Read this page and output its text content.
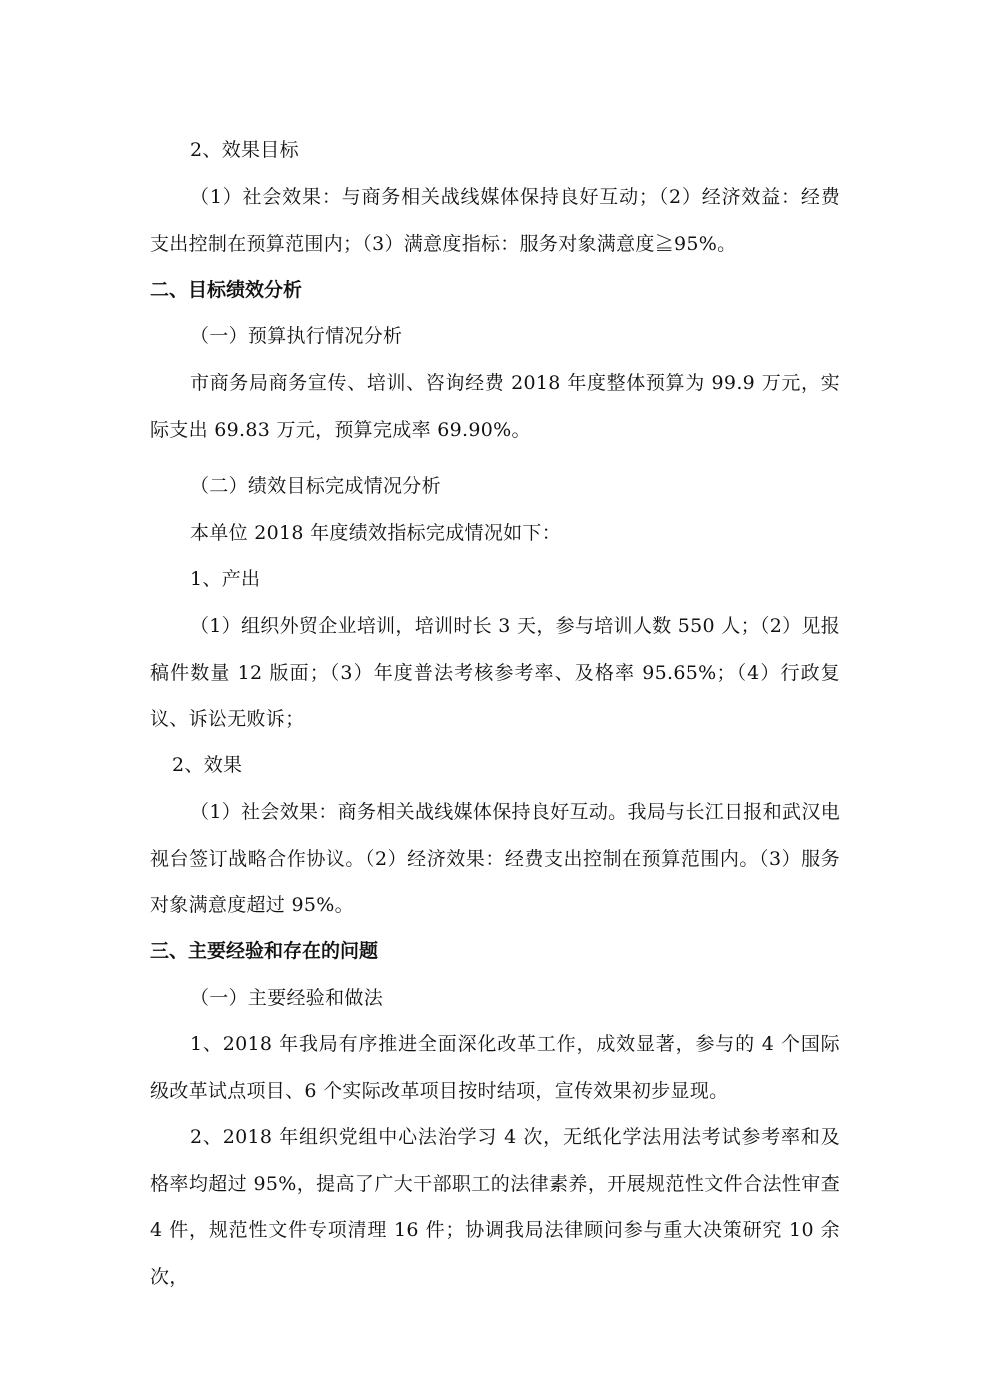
2、效果目标
（1）社会效果：与商务相关战线媒体保持良好互动；（2）经济效益：经费支出控制在预算范围内；（3）满意度指标：服务对象满意度≧95%。
二、目标绩效分析
（一）预算执行情况分析
市商务局商务宣传、培训、咨询经费 2018 年度整体预算为 99.9 万元，实际支出 69.83 万元，预算完成率 69.90%。
（二）绩效目标完成情况分析
本单位 2018 年度绩效指标完成情况如下：
1、产出
（1）组织外贸企业培训，培训时长 3 天，参与培训人数 550 人；（2）见报稿件数量 12 版面；（3）年度普法考核参考率、及格率 95.65%；（4）行政复议、诉讼无败诉；
2、效果
（1）社会效果：商务相关战线媒体保持良好互动。我局与长江日报和武汉电视台签订战略合作协议。（2）经济效果：经费支出控制在预算范围内。（3）服务对象满意度超过 95%。
三、主要经验和存在的问题
（一）主要经验和做法
1、2018 年我局有序推进全面深化改革工作，成效显著，参与的 4 个国际级改革试点项目、6 个实际改革项目按时结项，宣传效果初步显现。
2、2018 年组织党组中心法治学习 4 次，无纸化学法用法考试参考率和及格率均超过 95%，提高了广大干部职工的法律素养，开展规范性文件合法性审查 4 件，规范性文件专项清理 16 件；协调我局法律顾问参与重大决策研究 10 余次，
